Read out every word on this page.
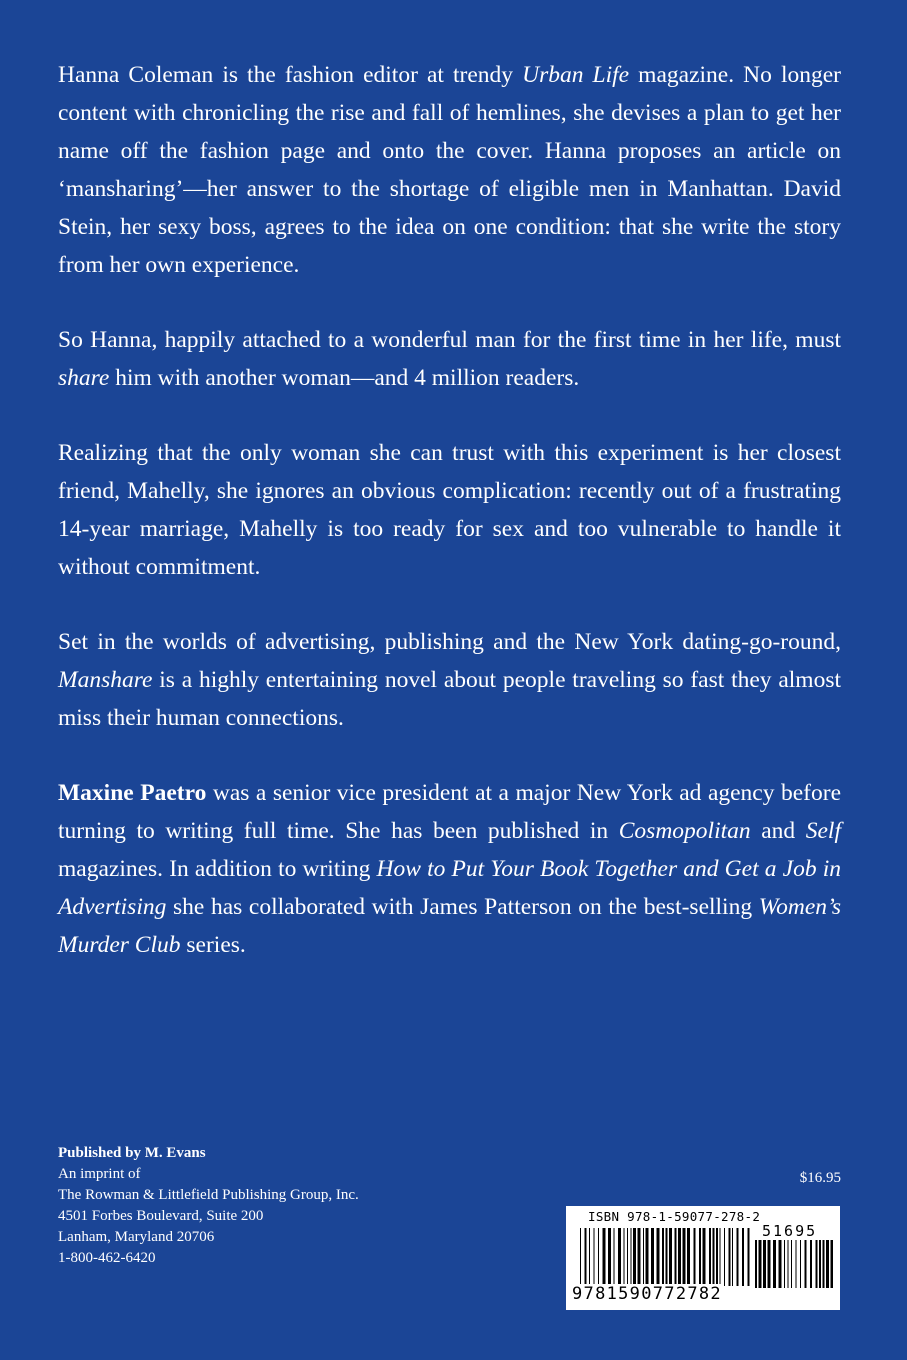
Hanna Coleman is the fashion editor at trendy Urban Life magazine. No longer content with chronicling the rise and fall of hemlines, she devises a plan to get her name off the fashion page and onto the cover. Hanna proposes an article on ‘mansharing’—her answer to the shortage of eligible men in Manhattan. David Stein, her sexy boss, agrees to the idea on one condition: that she write the story from her own experience.

So Hanna, happily attached to a wonderful man for the first time in her life, must share him with another woman—and 4 million readers.

Realizing that the only woman she can trust with this experiment is her closest friend, Mahelly, she ignores an obvious complication: recently out of a frustrating 14-year marriage, Mahelly is too ready for sex and too vulnerable to handle it without commitment.

Set in the worlds of advertising, publishing and the New York dating-go-round, Manshare is a highly entertaining novel about people traveling so fast they almost miss their human connections.

Maxine Paetro was a senior vice president at a major New York ad agency before turning to writing full time. She has been published in Cosmopolitan and Self magazines. In addition to writing How to Put Your Book Together and Get a Job in Advertising she has collaborated with James Patterson on the best-selling Women’s Murder Club series.

Published by M. Evans
An imprint of
The Rowman & Littlefield Publishing Group, Inc.
4501 Forbes Boulevard, Suite 200
Lanham, Maryland 20706
1-800-462-6420
$16.95
ISBN 978-1-59077-278-2
51695
9781590772782
